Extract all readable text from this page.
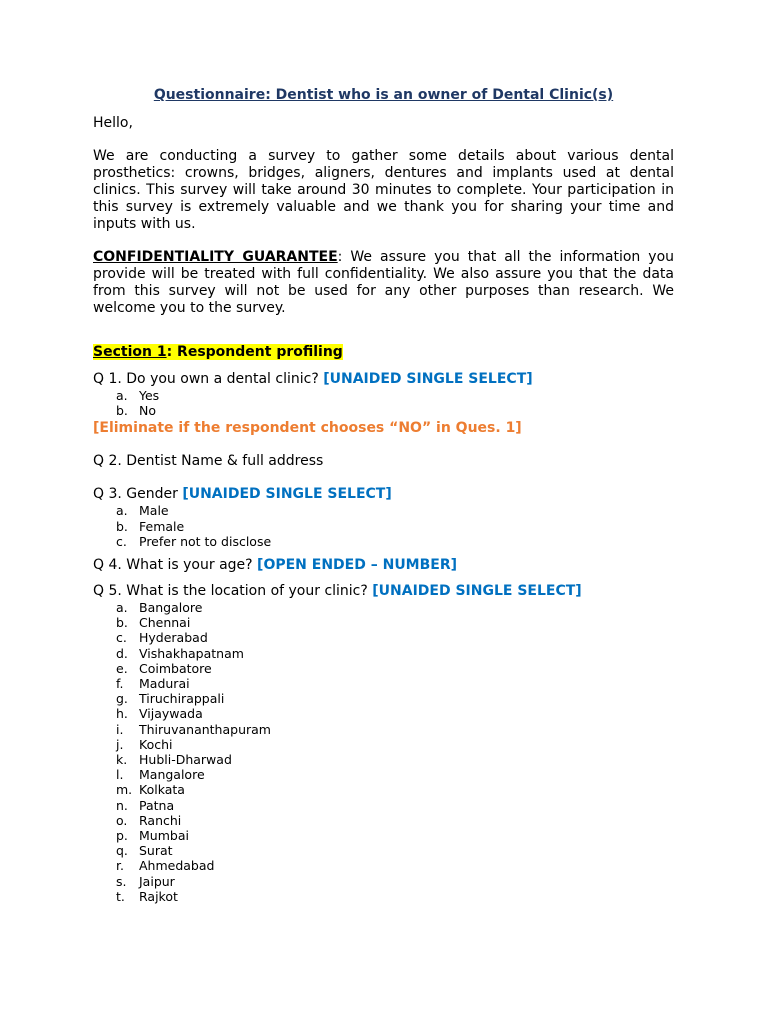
Questionnaire: Dentist who is an owner of Dental Clinic(s)

Hello,

We are conducting a survey to gather some details about various dental prosthetics: crowns, bridges, aligners, dentures and implants used at dental clinics. This survey will take around 30 minutes to complete. Your participation in this survey is extremely valuable and we thank you for sharing your time and inputs with us.

CONFIDENTIALITY GUARANTEE: We assure you that all the information you provide will be treated with full confidentiality. We also assure you that the data from this survey will not be used for any other purposes than research. We welcome you to the survey.

Section 1: Respondent profiling

Q 1. Do you own a dental clinic? [UNAIDED SINGLE SELECT]

a. Yes
b. No

[Eliminate if the respondent chooses “NO” in Ques. 1]

Q 2. Dentist Name & full address

Q 3. Gender [UNAIDED SINGLE SELECT]

a. Male
b. Female
c. Prefer not to disclose

Q 4. What is your age? [OPEN ENDED – NUMBER]

Q 5. What is the location of your clinic? [UNAIDED SINGLE SELECT]

a. Bangalore
b. Chennai
c. Hyderabad
d. Vishakhapatnam
e. Coimbatore
f. Madurai
g. Tiruchirappali
h. Vijaywada
i. Thiruvananthapuram
j. Kochi
k. Hubli-Dharwad
l. Mangalore
m. Kolkata
n. Patna
o. Ranchi
p. Mumbai
q. Surat
r. Ahmedabad
s. Jaipur
t. Rajkot
